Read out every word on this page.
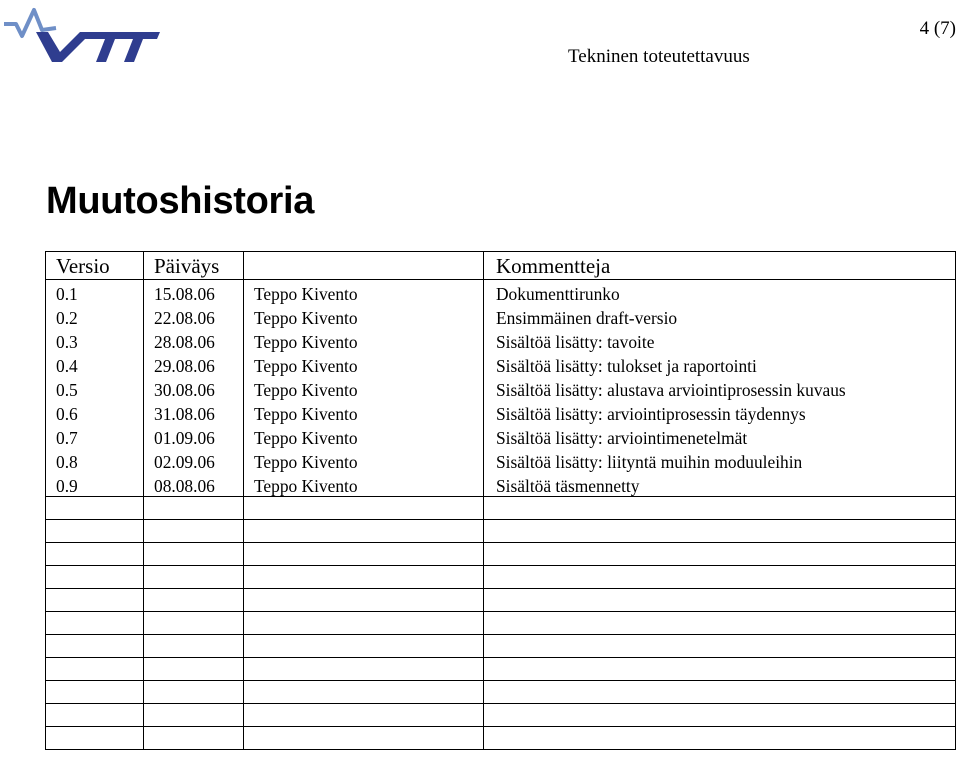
4 (7)
Tekninen toteutettavuus
Muutoshistoria
Versio	Päiväys		Kommentteja
0.1	15.08.06	Teppo Kivento	Dokumenttirunko
0.2	22.08.06	Teppo Kivento	Ensimmäinen draft-versio
0.3	28.08.06	Teppo Kivento	Sisältöä lisätty: tavoite
0.4	29.08.06	Teppo Kivento	Sisältöä lisätty: tulokset ja raportointi
0.5	30.08.06	Teppo Kivento	Sisältöä lisätty: alustava arviointiprosessin kuvaus
0.6	31.08.06	Teppo Kivento	Sisältöä lisätty: arviointiprosessin täydennys
0.7	01.09.06	Teppo Kivento	Sisältöä lisätty: arviointimenetelmät
0.8	02.09.06	Teppo Kivento	Sisältöä lisätty: liityntä muihin moduuleihin
0.9	08.08.06	Teppo Kivento	Sisältöä täsmennetty
